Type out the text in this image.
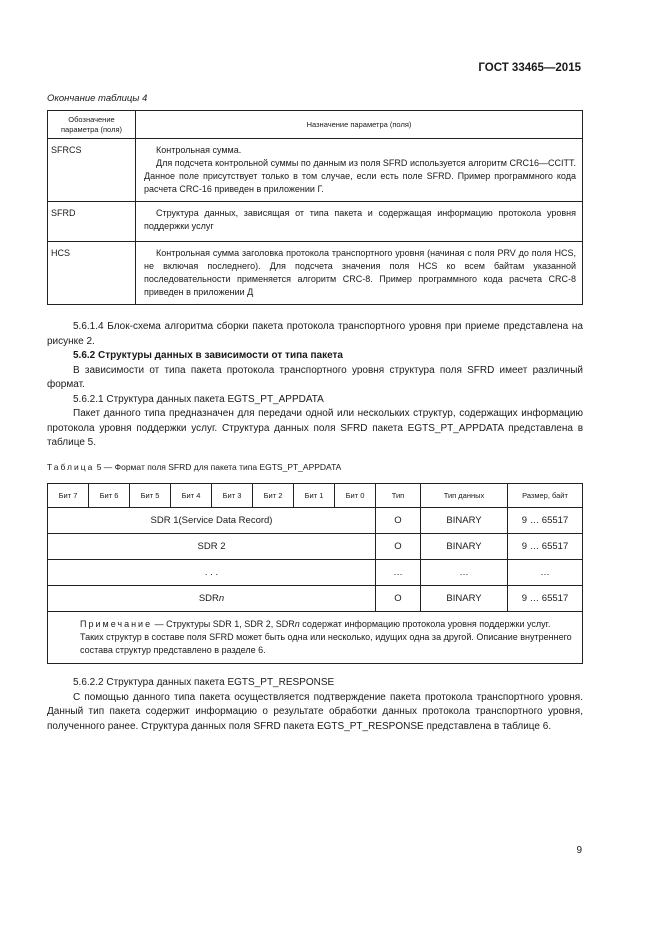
ГОСТ 33465—2015
Окончание таблицы 4
Обозначение параметра (поля)	Назначение параметра (поля)
SFRCS	Контрольная сумма.
Для подсчета контрольной суммы по данным из поля SFRD используется алгоритм CRC16—CCITT. Данное поле присутствует только в том случае, если есть поле SFRD. Пример программного кода расчета CRC-16 приведен в приложении Г.

SFRD	Структура данных, зависящая от типа пакета и содержащая информацию протокола уровня поддержки услуг

HCS	Контрольная сумма заголовка протокола транспортного уровня (начиная с поля PRV до поля HCS, не включая последнего). Для подсчета значения поля HCS ко всем байтам указанной последовательности применяется алгоритм CRC-8. Пример программного кода расчета CRC-8 приведен в приложении Д

5.6.1.4 Блок-схема алгоритма сборки пакета протокола транспортного уровня при приеме представлена на рисунке 2.

5.6.2 Структуры данных в зависимости от типа пакета

В зависимости от типа пакета протокола транспортного уровня структура поля SFRD имеет различный формат.

5.6.2.1 Структура данных пакета EGTS_PT_APPDATA

Пакет данного типа предназначен для передачи одной или нескольких структур, содержащих информацию протокола уровня поддержки услуг. Структура данных поля SFRD пакета EGTS_PT_APPDATA представлена в таблице 5.

Таблица 5 — Формат поля SFRD для пакета типа EGTS_PT_APPDATA
Бит 7	Бит 6	Бит 5	Бит 4	Бит 3	Бит 2	Бит 1	Бит 0	Тип	Тип данных	Размер, байт
SDR 1(Service Data Record)								O	BINARY	9 … 65517
SDR 2								O	BINARY	9 … 65517
. . .								…	…	…
SDRn								O	BINARY	9 … 65517

Примечание — Структуры SDR 1, SDR 2, SDRn содержат информацию протокола уровня поддержки услуг. Таких структур в составе поля SFRD может быть одна или несколько, идущих одна за другой. Описание внутреннего состава структур представлено в разделе 6.										

5.6.2.2 Структура данных пакета EGTS_PT_RESPONSE

С помощью данного типа пакета осуществляется подтверждение пакета протокола транспортного уровня. Данный тип пакета содержит информацию о результате обработки данных протокола транспортного уровня, полученного ранее. Структура данных поля SFRD пакета EGTS_PT_RESPONSE представлена в таблице 6.

9
